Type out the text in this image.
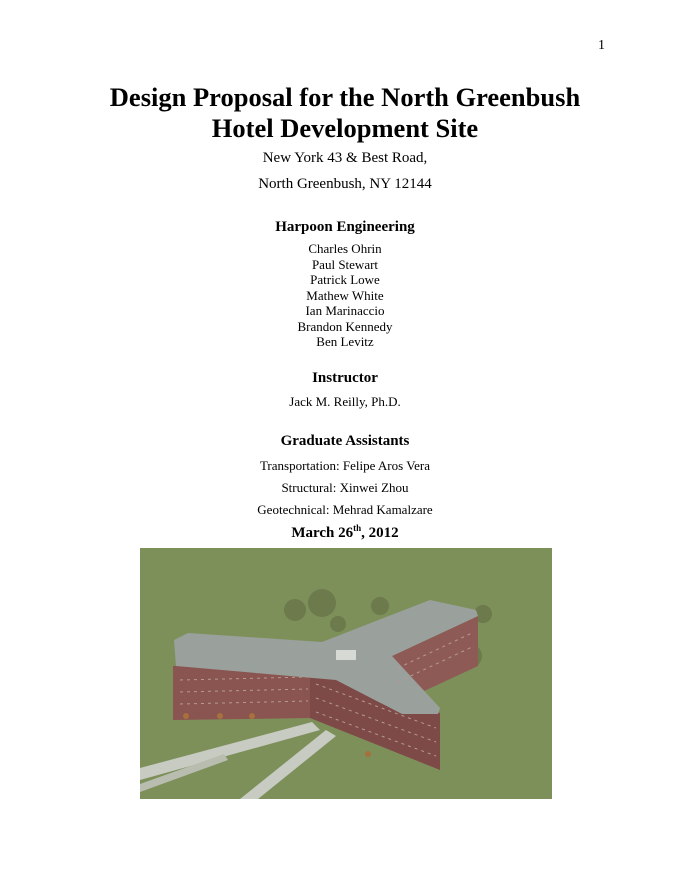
1
Design Proposal for the North Greenbush
Hotel Development Site
New York 43 & Best Road,
North Greenbush, NY 12144
Harpoon Engineering
Charles Ohrin
Paul Stewart
Patrick Lowe
Mathew White
Ian Marinaccio
Brandon Kennedy
Ben Levitz
Instructor
Jack M. Reilly, Ph.D.
Graduate Assistants
Transportation: Felipe Aros Vera
Structural: Xinwei Zhou
Geotechnical: Mehrad Kamalzare
March 26th, 2012
